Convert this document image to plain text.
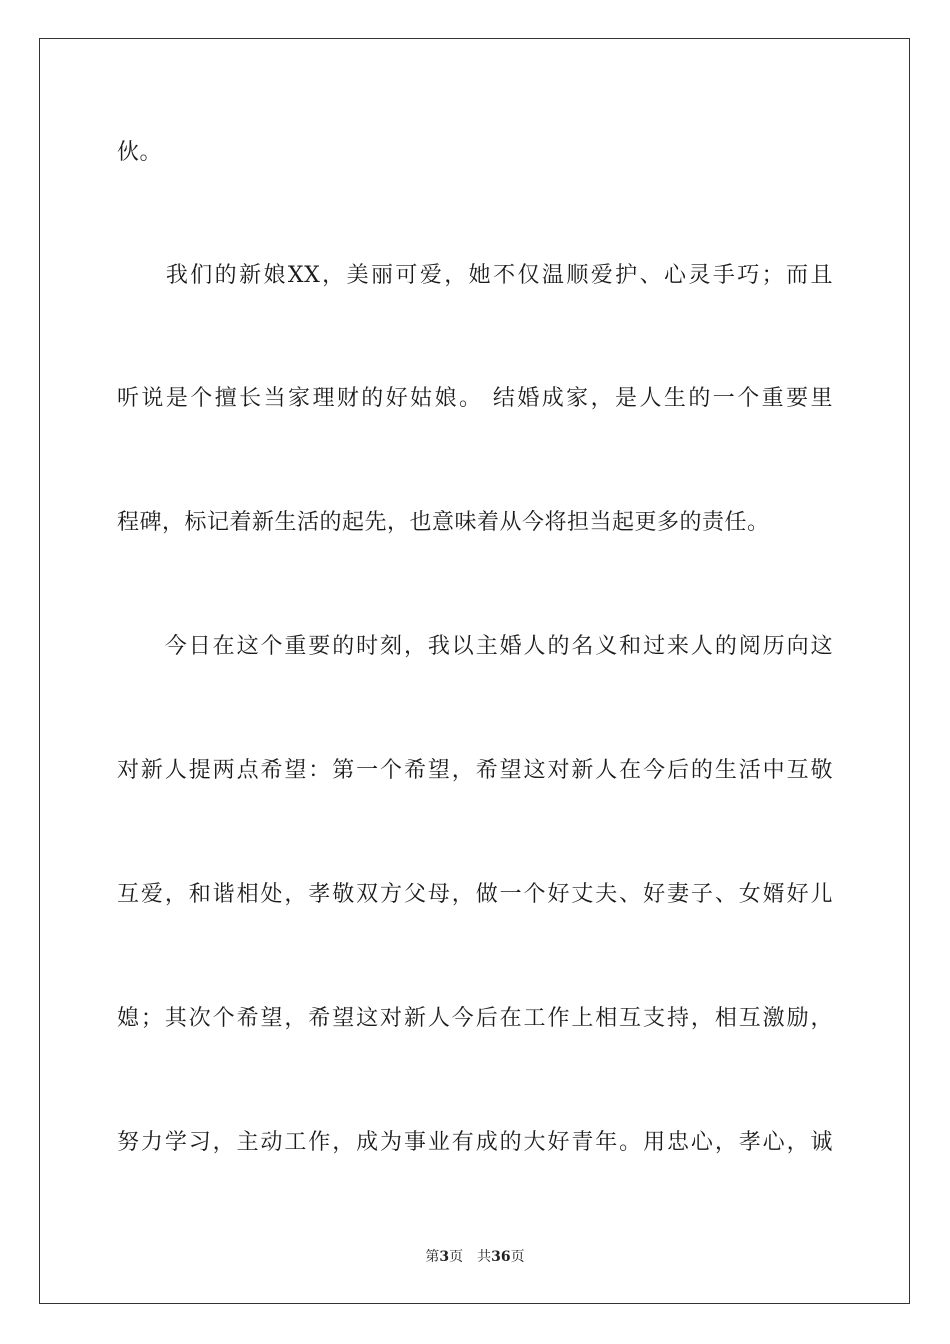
伙。
　　我们的新娘XX，美丽可爱，她不仅温顺爱护、心灵手巧；而且
听说是个擅长当家理财的好姑娘。 结婚成家，是人生的一个重要里
程碑，标记着新生活的起先，也意味着从今将担当起更多的责任。
　　今日在这个重要的时刻，我以主婚人的名义和过来人的阅历向这
对新人提两点希望：第一个希望，希望这对新人在今后的生活中互敬
互爱，和谐相处，孝敬双方父母，做一个好丈夫、好妻子、女婿好儿
媳；其次个希望，希望这对新人今后在工作上相互支持，相互激励，
努力学习，主动工作，成为事业有成的大好青年。用忠心，孝心，诚
第3页 共36页
